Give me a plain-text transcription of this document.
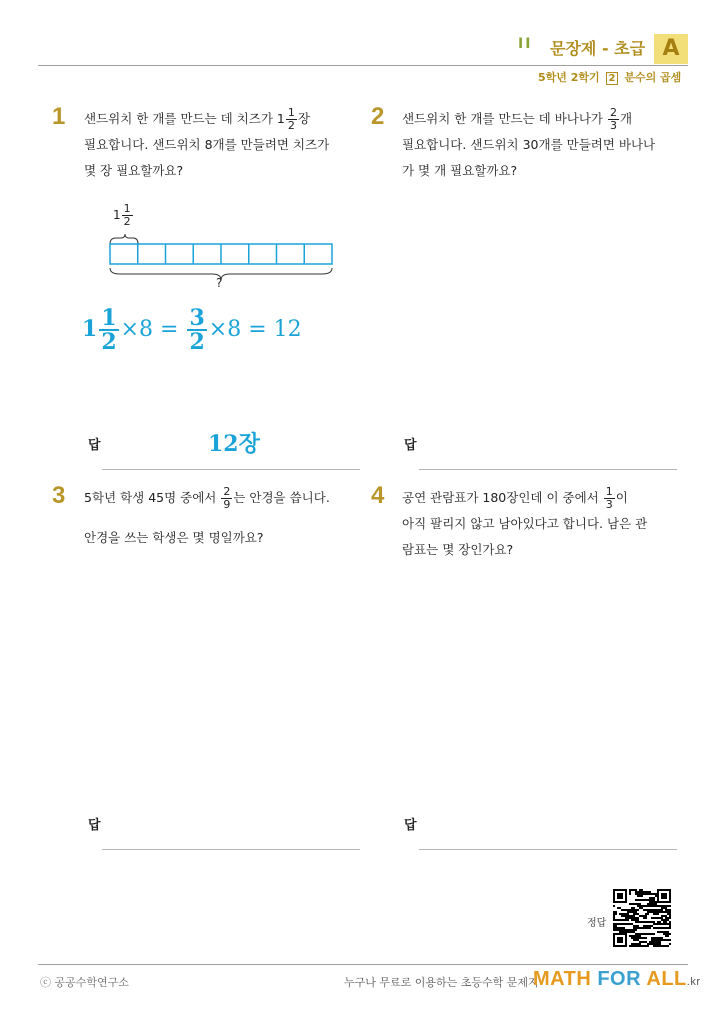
II 문장제 - 초급 A
5학년 2학기 2 분수의 곱셈
1 샌드위치 한 개를 만드는 데 치즈가 $1 \frac{1}{2}$ 장
필요합니다. 샌드위치 8개를 만들려면 치즈가
몇 장 필요할까요?
$1 \frac{1}{2}$
?
$1 \frac{1}{2} \times 8 = \frac{3}{2} \times 8 = 12$
답	12장
2 샌드위치 한 개를 만드는 데 바나나가 $\frac{2}{3}$ 개
필요합니다. 샌드위치 30개를 만들려면 바나나
가 몇 개 필요할까요?
답
3 5학년 학생 45명 중에서 $\frac{2}{9}$ 는 안경을 씁니다.
안경을 쓰는 학생은 몇 명일까요?
답
4 공연 관람표가 180장인데 이 중에서 $\frac{1}{3}$ 이
아직 팔리지 않고 남아있다고 합니다. 남은 관
람표는 몇 장인가요?
답
정답
ⓒ 공공수학연구소	누구나 무료로 이용하는 초등수학 문제지
MATH FOR ALL.kr
